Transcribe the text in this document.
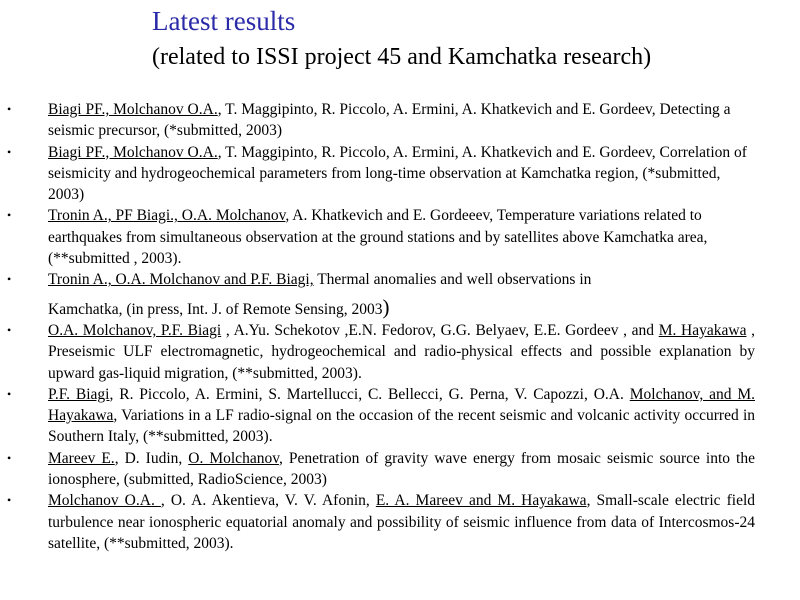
Latest results
(related to ISSI project 45 and Kamchatka research)
• Biagi PF., Molchanov O.A., T. Maggipinto, R. Piccolo, A. Ermini, A. Khatkevich and E. Gordeev, Detecting a seismic precursor, (*submitted, 2003)
• Biagi PF., Molchanov O.A., T. Maggipinto, R. Piccolo, A. Ermini, A. Khatkevich and E. Gordeev, Correlation of seismicity and hydrogeochemical parameters from long-time observation at Kamchatka region, (*submitted, 2003)
• Tronin A., PF Biagi., O.A. Molchanov, A. Khatkevich and E. Gordeeev, Temperature variations related to earthquakes from simultaneous observation at the ground stations and by satellites above Kamchatka area, (**submitted , 2003).
• Tronin A., O.A. Molchanov and P.F. Biagi, Thermal anomalies and well observations in
Kamchatka, (in press, Int. J. of Remote Sensing, 2003)
• O.A. Molchanov, P.F. Biagi , A.Yu. Schekotov ,E.N. Fedorov, G.G. Belyaev, E.E. Gordeev , and M. Hayakawa , Preseismic ULF electromagnetic, hydrogeochemical and radio-physical effects and possible explanation by upward gas-liquid migration, (**submitted, 2003).
• P.F. Biagi, R. Piccolo, A. Ermini, S. Martellucci, C. Bellecci, G. Perna, V. Capozzi, O.A. Molchanov, and M. Hayakawa, Variations in a LF radio-signal on the occasion of the recent seismic and volcanic activity occurred in Southern Italy, (**submitted, 2003).
• Mareev E., D. Iudin, O. Molchanov, Penetration of gravity wave energy from mosaic seismic source into the ionosphere, (submitted, RadioScience, 2003)
• Molchanov O.A. , O. A. Akentieva, V. V. Afonin, E. A. Mareev and M. Hayakawa, Small-scale electric field turbulence near ionospheric equatorial anomaly and possibility of seismic influence from data of Intercosmos-24 satellite, (**submitted, 2003).
